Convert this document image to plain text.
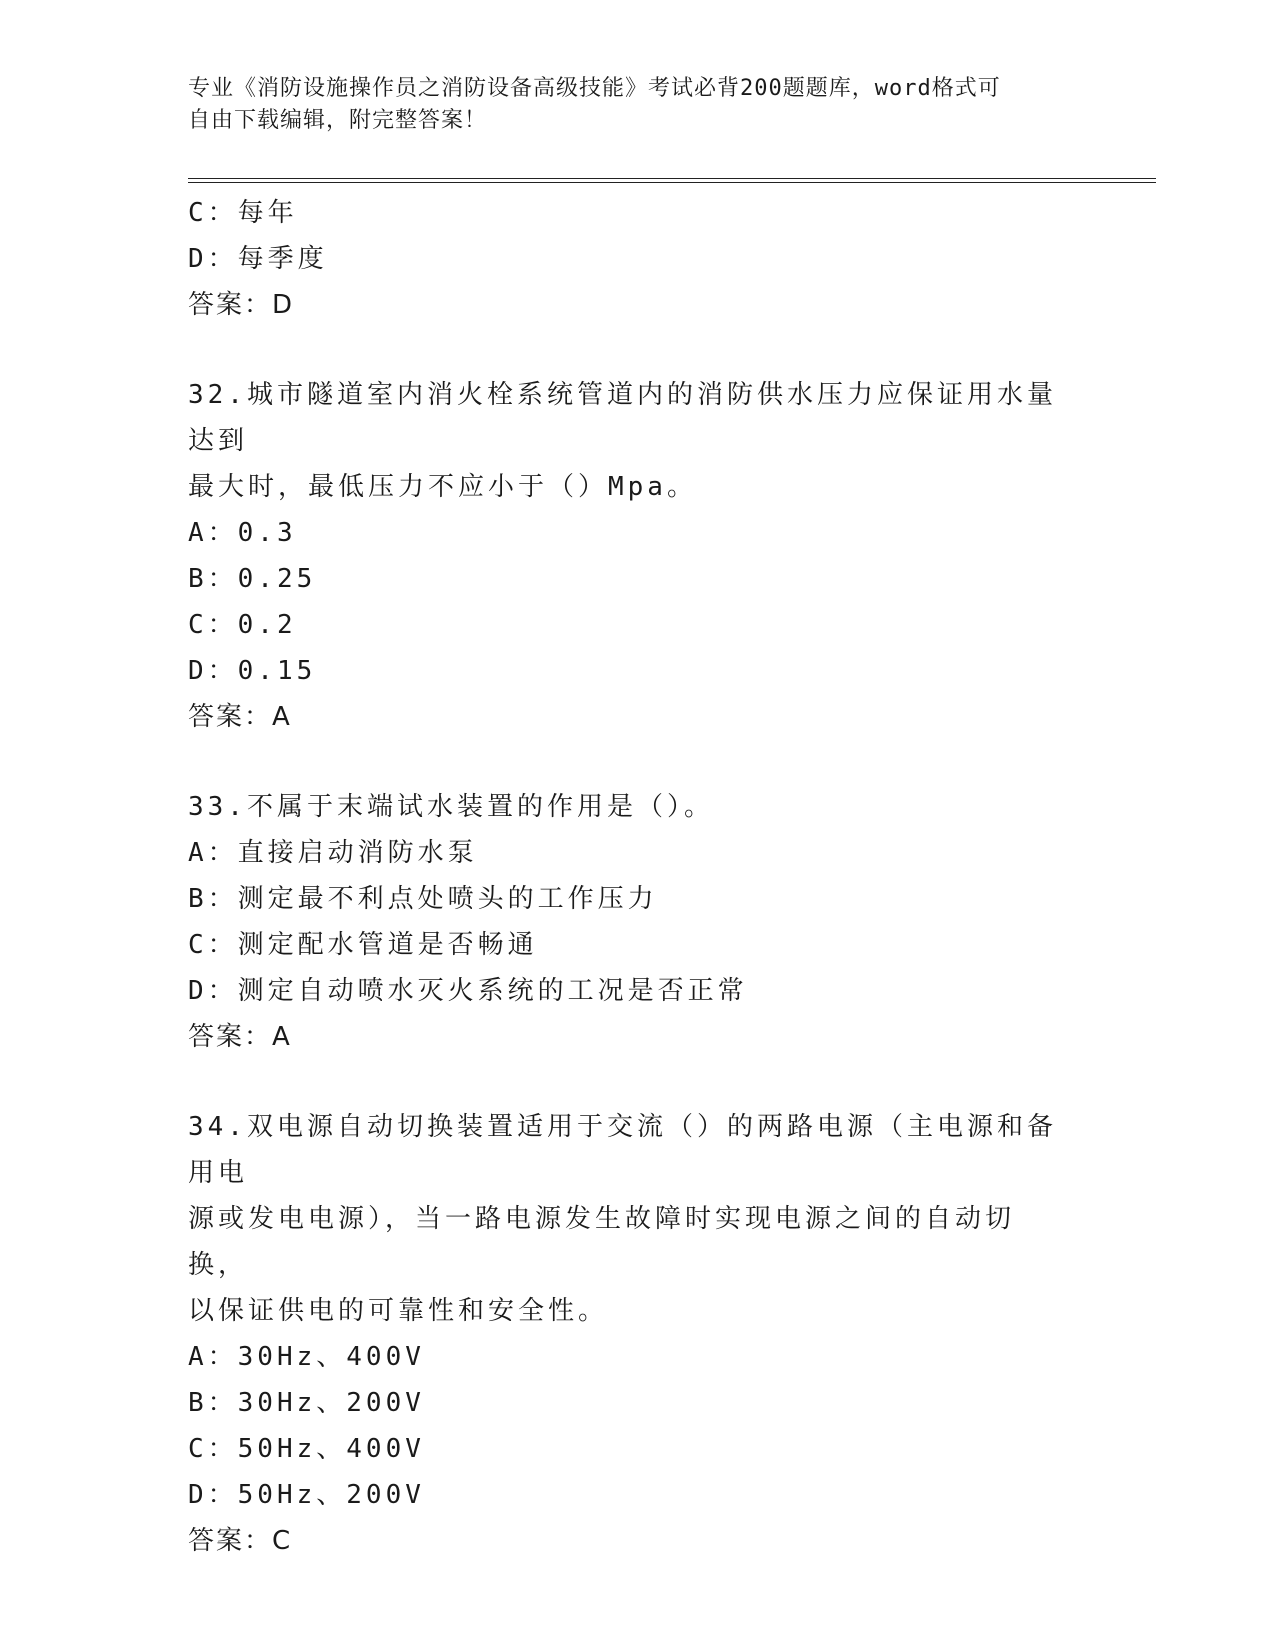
专业《消防设施操作员之消防设备高级技能》考试必背200题题库，word格式可
自由下载编辑，附完整答案！
C：每年
D：每季度
答案：D
32.城市隧道室内消火栓系统管道内的消防供水压力应保证用水量达到
最大时，最低压力不应小于（）Mpa。
A：0.3
B：0.25
C：0.2
D：0.15
答案：A
33.不属于末端试水装置的作用是（）。
A：直接启动消防水泵
B：测定最不利点处喷头的工作压力
C：测定配水管道是否畅通
D：测定自动喷水灭火系统的工况是否正常
答案：A
34.双电源自动切换装置适用于交流（）的两路电源（主电源和备用电
源或发电电源），当一路电源发生故障时实现电源之间的自动切换，
以保证供电的可靠性和安全性。
A：30Hz、400V
B：30Hz、200V
C：50Hz、400V
D：50Hz、200V
答案：C
